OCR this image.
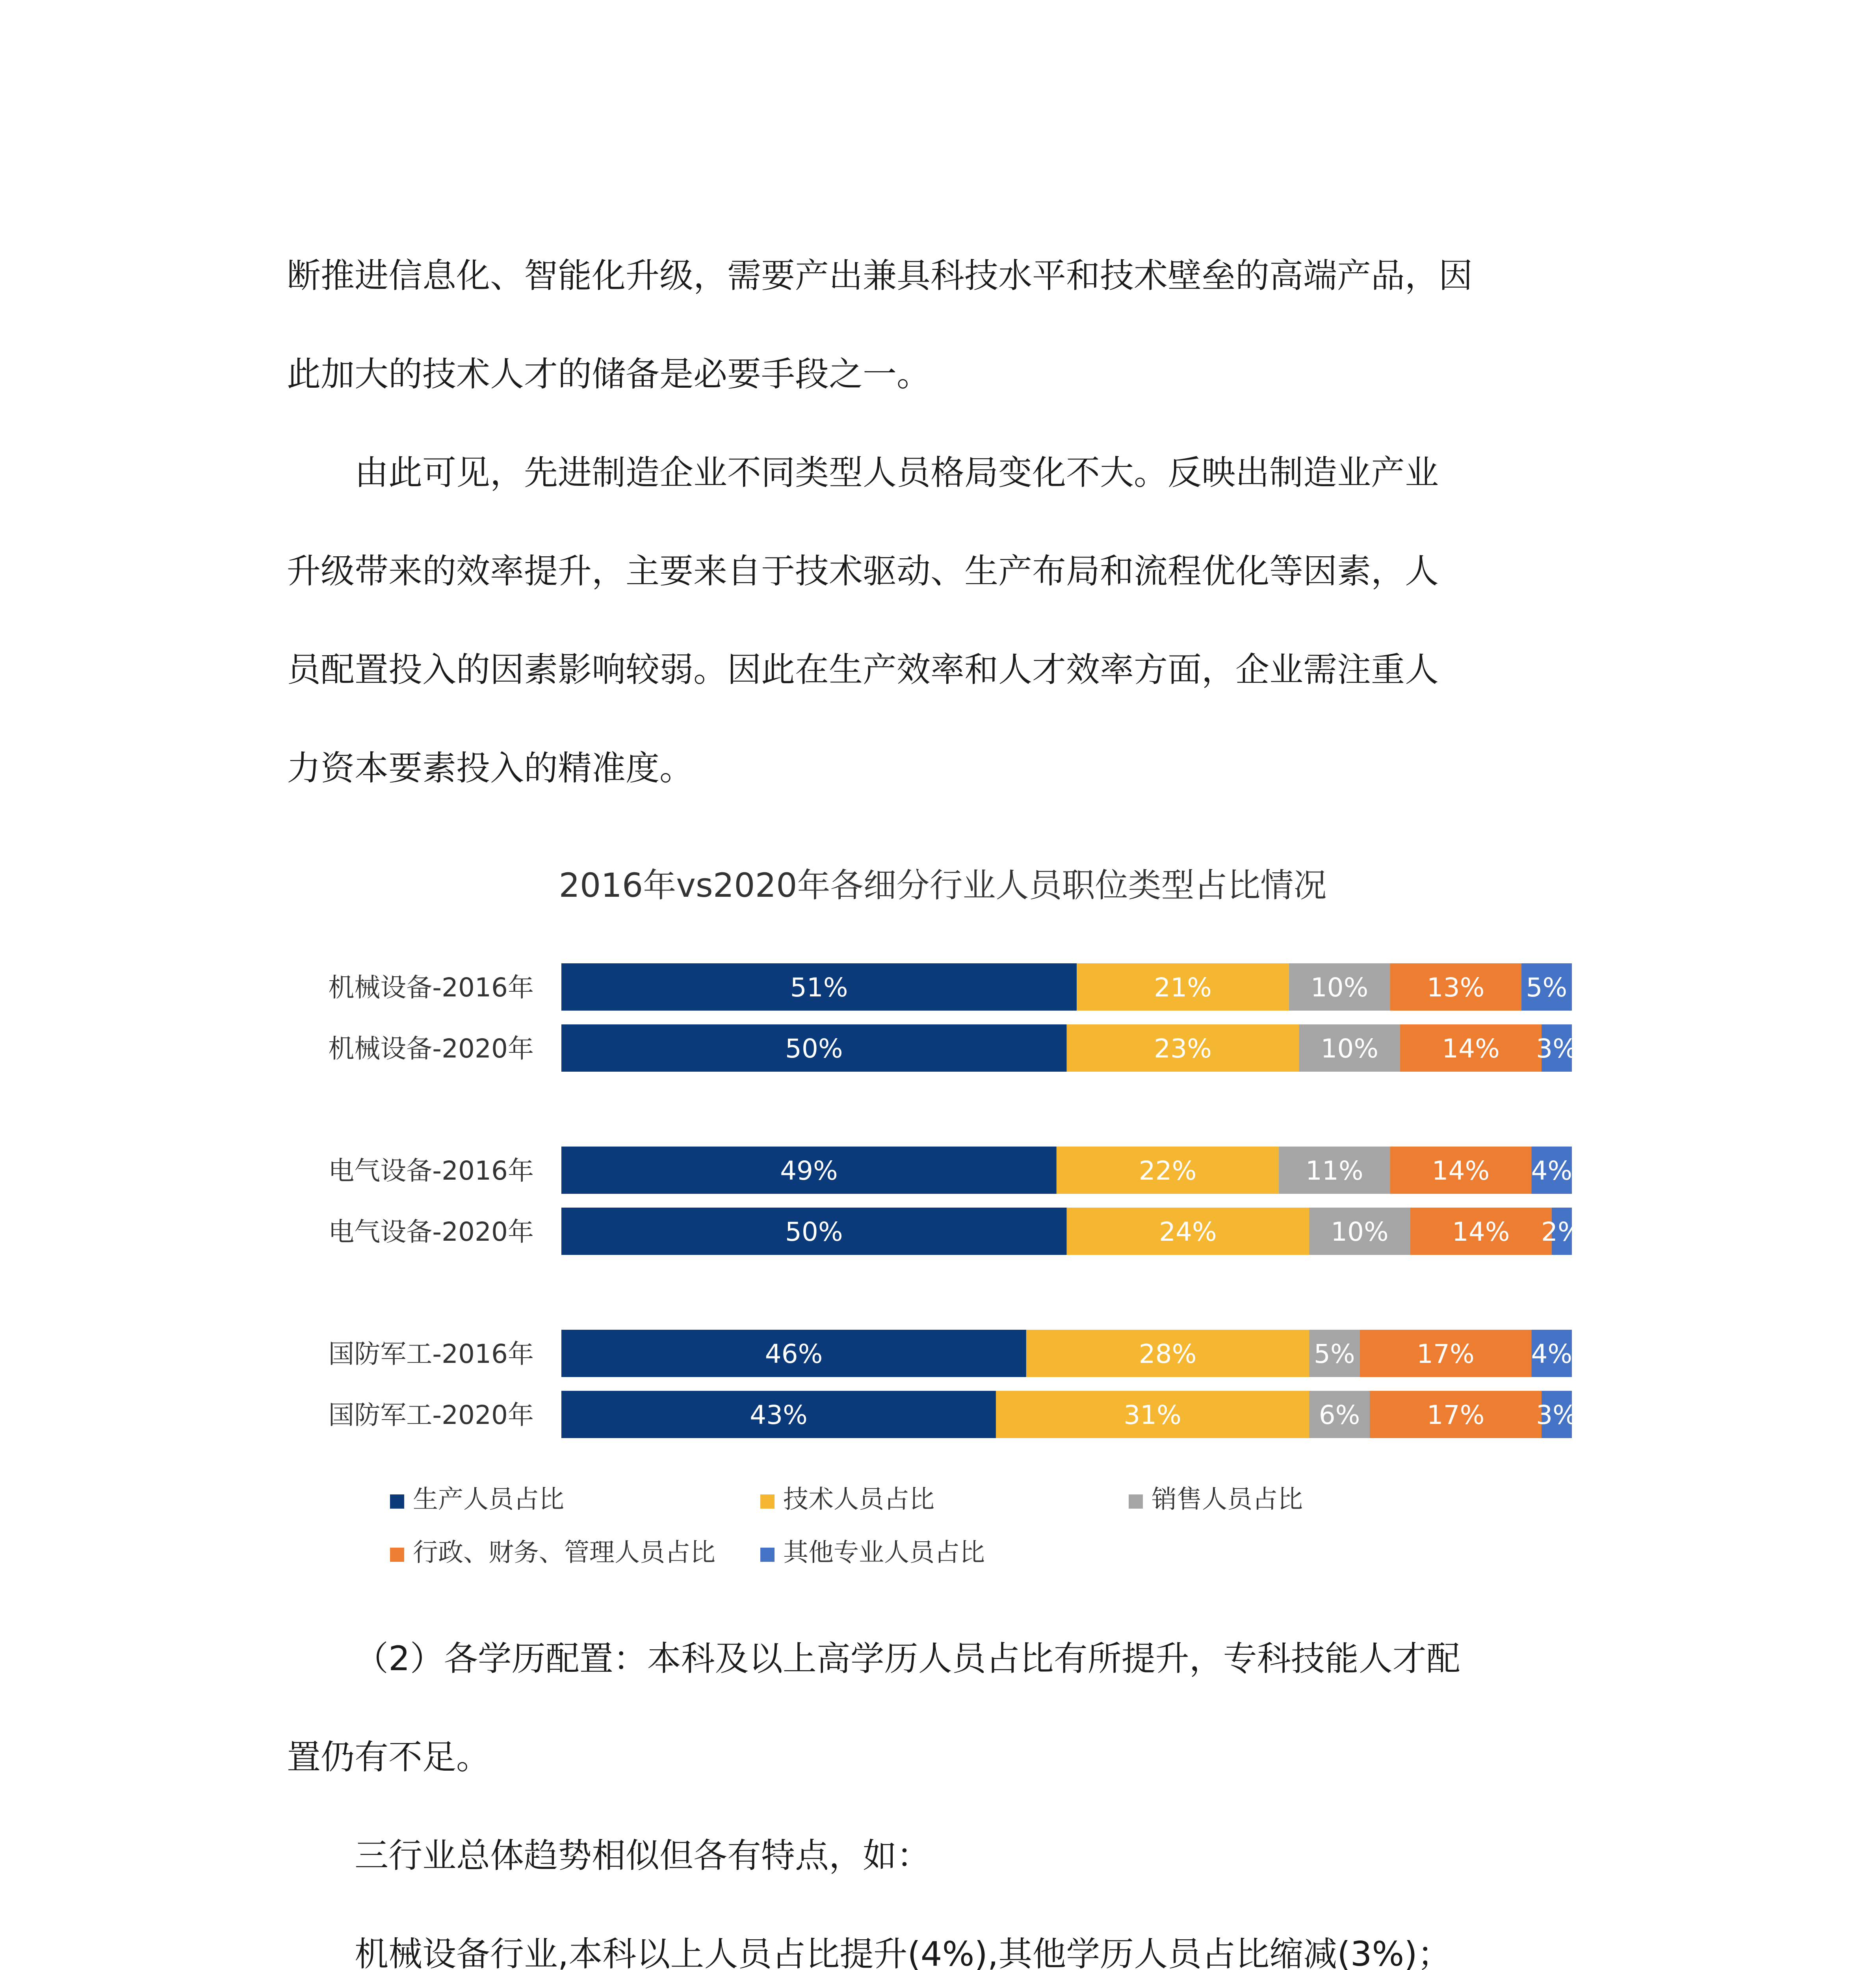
断推进信息化、智能化升级，需要产出兼具科技水平和技术壁垒的高端产品，因

此加大的技术人才的储备是必要手段之一。

由此可见，先进制造企业不同类型人员格局变化不大。反映出制造业产业

升级带来的效率提升，主要来自于技术驱动、生产布局和流程优化等因素，人

员配置投入的因素影响较弱。因此在生产效率和人才效率方面，企业需注重人

力资本要素投入的精准度。

2016年vs2020年各细分行业人员职位类型占比情况
机械设备-2016年	51%	21%	10% 13% 5%
机械设备-2020年	50%	23%	10% 14% 3%
电气设备-2016年	49%	22%	11%	14% 4%
电气设备-2020年	50%	24%	10% 14% 2%
国防军工-2016年	46%	28%	5% 17% 4%
国防军工-2020年	43%	31%	6%	17% 3%
生产人员占比	技术人员占比	销售人员占比
行政、财务、管理人员占比	其他专业人员占比

（2）各学历配置：本科及以上高学历人员占比有所提升，专科技能人才配

置仍有不足。

三行业总体趋势相似但各有特点，如：

机械设备行业,本科以上人员占比提升(4%),其他学历人员占比缩减(3%)；
